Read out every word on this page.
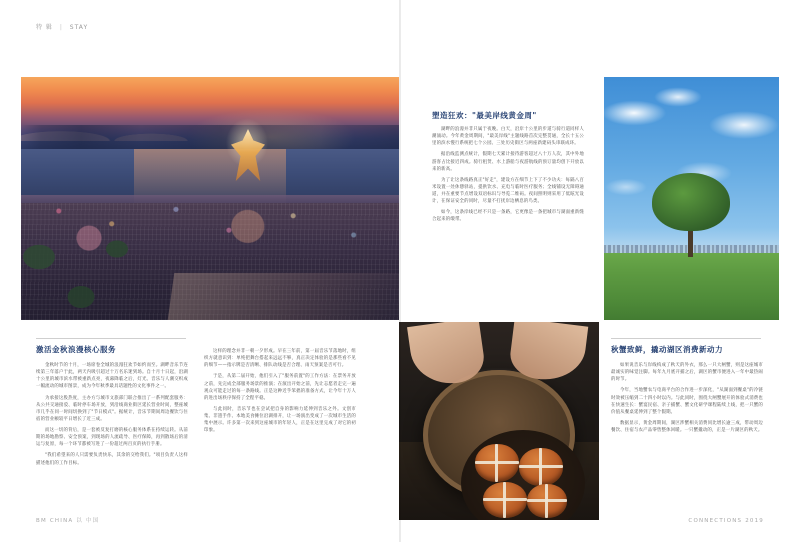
特 辑 | STAY
激活金秋浪漫核心服务

金秋时节的十月，一场席卷全城的浪漫狂欢节如约而至。湖畔音乐节连续第三年落户于此，两天内吸引超过十万名乐迷到场。自十月十日起，沿湖十公里的城市滨水带被重新点亮，夜幕降临之后，灯光、音乐与人潮交织成一幅流动的城市图景，成为今年秋季最具话题性的文化事件之一。

为承接这股热度，主办方与城市文旅部门联合推出了一系列配套服务：从公共交通接驳、临时停车场开放，到沿线商业街区延长营业时间，整座城市几乎在同一时间切换到了"节日模式"。据统计，音乐节期间周边餐饮与住宿的营业额较平日增长了近三成。

而这一切的背后，是一套被反复打磨的核心服务体系在持续运转。从前期的场地勘察、安全预案，到现场的人流疏导、医疗保障，再到散场后的清运与复原，每一个环节都被写进了一份超过两百页的执行手册。

"我们希望来的人只需要负责快乐，其余的交给我们。"项目负责人这样描述他们的工作目标。

这样的理念并非一朝一夕形成。早在三年前，第一届音乐节落地时，组织方就意识到：单纯把舞台搭起来远远不够，真正决定体验的是那些看不见的细节——指示牌是否清晰、排队动线是否合理、雨天预案是否可行。

于是，从第二届开始，他们引入了"服务前置"的工作方法：在票务开放之前，先完成全部服务场景的推演；在演出开始之前，先让志愿者走完一遍观众可能走过的每一条路线。正是这种近乎笨拙的准备方式，让今年十万人的进出场秩序保持了全程平稳。

与此同时，音乐节也在尝试把自身的影响力延伸到音乐之外。文创市集、非遗手作、本地美食摊位沿湖排开，让一场演出变成了一次城市生活的集中展示。许多第一次来到这座城市的年轻人，正是在这里完成了对它的初印象。

塑造狂欢："最美岸线黄金周"

湖畔的浪漫并非只属于夜晚。白天，沿岸十公里的步道与骑行道同样人潮涌动。今年黄金周期间，"最美岸线"主题线路首次完整贯通，全长十五公里的滨水慢行系统把七个公园、三处历史街区与两座新建码头串联成环。

据沿线监测点统计，假期七天累计接待游客超过八十万人次，其中外地游客占比接近四成。骑行租赁、水上游船与夜游航线的预订量均创下开放以来的新高。

为了让这条线路真正"好走"，建设方在细节上下了不少功夫：每隔八百米设置一处休憩驿站，提供饮水、充电与临时医疗服务；全线铺设无障碍通道，并在重要节点增设双语标识与导览二维码。夜间照明则采用了低眩光设计，在保证安全的同时，尽量不打扰岸边栖息的鸟类。

如今，这条岸线已经不只是一条路，它更像是一条把城市与湖面重新缝合起来的缎带。

秋蟹致鲜，撬动湖区消费新动力

如果说音乐与岸线构成了秋天的外衣，那么一只大闸蟹，则是这座城市最诚实的味觉注脚。每年九月底开捕之后，湖区的蟹市便进入一年中最热闹的时节。

今年，当地蟹农与电商平台的合作进一步深化，"从湖面到餐桌"的冷链时效被压缩到二十四小时以内。与此同时，围绕大闸蟹展开的体验式消费也在快速生长：蟹宴民宿、亲子捕蟹、蟹文化研学课程陆续上线，把一只蟹的价值从餐桌延伸到了整个假期。

数据显示，黄金周期间，湖区涉蟹相关消费同比增长逾三成，带动周边餐饮、住宿与农产品零售整体回暖。一只蟹撬动的，正是一片湖区的秋天。

BM CHINA 以 中国	CONNECTIONS 2019
